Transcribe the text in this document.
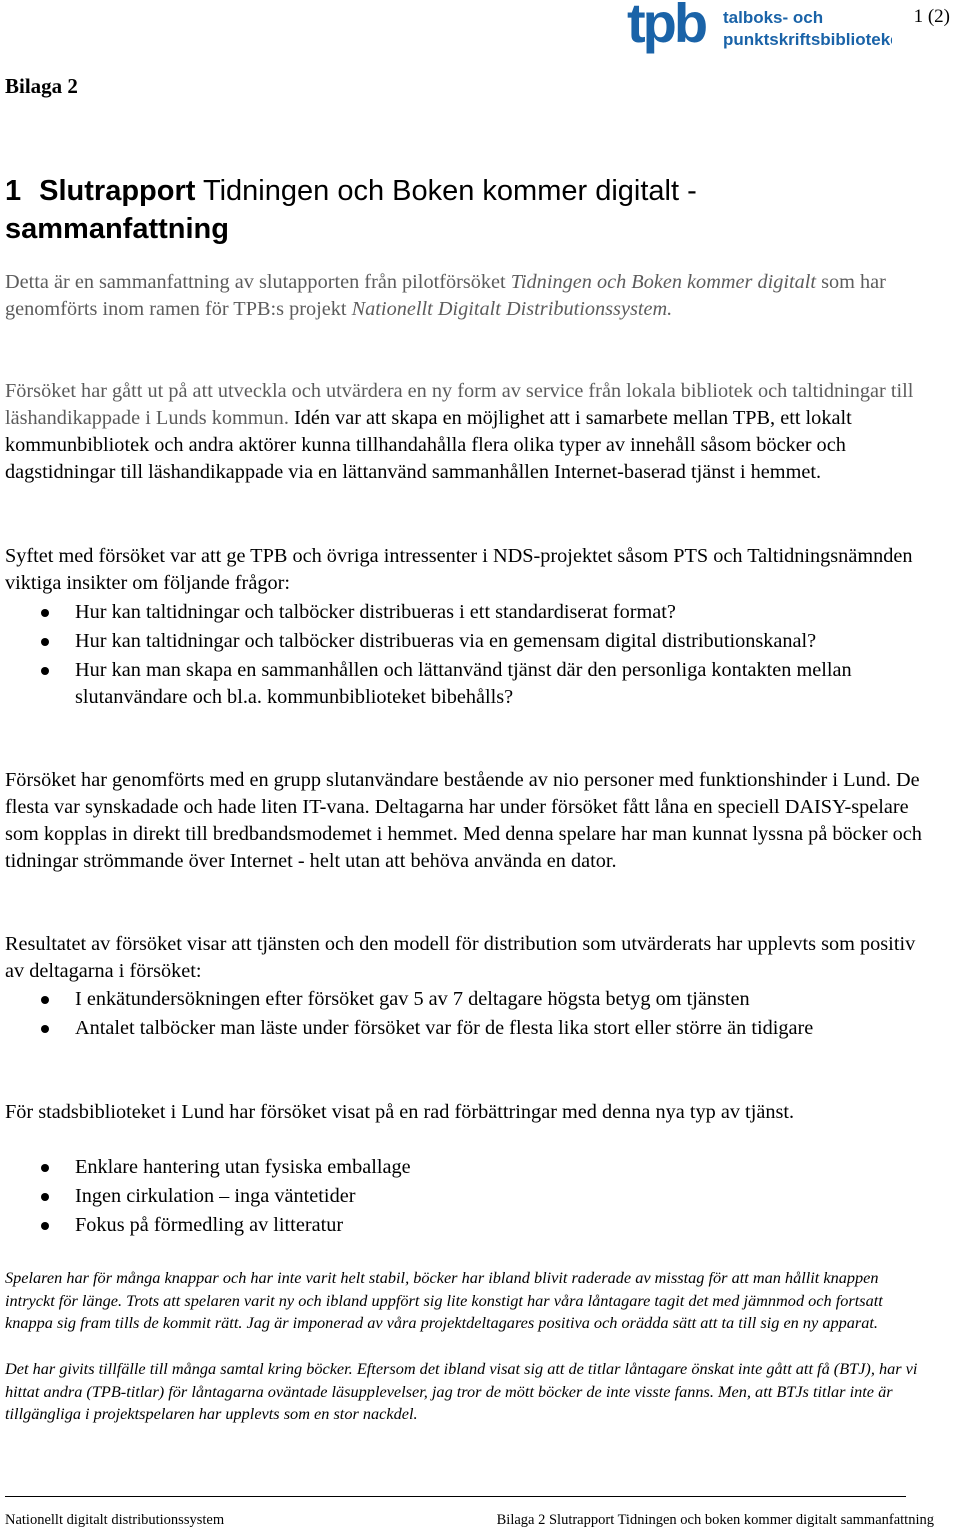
tpb talboks- och
punktskriftsbiblioteket
1 (2)
Bilaga 2
1 Slutrapport Tidningen och Boken kommer digitalt -
sammanfattning
Detta är en sammanfattning av slutapporten från pilotförsöket Tidningen och Boken kommer digitalt som har genomförts inom ramen för TPB:s projekt Nationellt Digitalt Distributionssystem.
Försöket har gått ut på att utveckla och utvärdera en ny form av service från lokala bibliotek och taltidningar till läshandikappade i Lunds kommun. Idén var att skapa en möjlighet att i samarbete mellan TPB, ett lokalt kommunbibliotek och andra aktörer kunna tillhandahålla flera olika typer av innehåll såsom böcker och dagstidningar till läshandikappade via en lättanvänd sammanhållen Internet-baserad tjänst i hemmet.
Syftet med försöket var att ge TPB och övriga intressenter i NDS-projektet såsom PTS och Taltidningsnämnden viktiga insikter om följande frågor:
Hur kan taltidningar och talböcker distribueras i ett standardiserat format?
Hur kan taltidningar och talböcker distribueras via en gemensam digital distributionskanal?
Hur kan man skapa en sammanhållen och lättanvänd tjänst där den personliga kontakten mellan slutanvändare och bl.a. kommunbiblioteket bibehålls?
Försöket har genomförts med en grupp slutanvändare bestående av nio personer med funktionshinder i Lund. De flesta var synskadade och hade liten IT-vana. Deltagarna har under försöket fått låna en speciell DAISY-spelare som kopplas in direkt till bredbandsmodemet i hemmet. Med denna spelare har man kunnat lyssna på böcker och tidningar strömmande över Internet - helt utan att behöva använda en dator.
Resultatet av försöket visar att tjänsten och den modell för distribution som utvärderats har upplevts som positiv av deltagarna i försöket:
I enkätundersökningen efter försöket gav 5 av 7 deltagare högsta betyg om tjänsten
Antalet talböcker man läste under försöket var för de flesta lika stort eller större än tidigare
För stadsbiblioteket i Lund har försöket visat på en rad förbättringar med denna nya typ av tjänst.
Enklare hantering utan fysiska emballage
Ingen cirkulation – inga väntetider
Fokus på förmedling av litteratur
Spelaren har för många knappar och har inte varit helt stabil, böcker har ibland blivit raderade av misstag för att man hållit knappen intryckt för länge. Trots att spelaren varit ny och ibland uppfört sig lite konstigt har våra låntagare tagit det med jämnmod och fortsatt knappa sig fram tills de kommit rätt. Jag är imponerad av våra projektdeltagares positiva och orädda sätt att ta till sig en ny apparat.
Det har givits tillfälle till många samtal kring böcker. Eftersom det ibland visat sig att de titlar låntagare önskat inte gått att få (BTJ), har vi hittat andra (TPB-titlar) för låntagarna oväntade läsupplevelser, jag tror de mött böcker de inte visste fanns. Men, att BTJs titlar inte är tillgängliga i projektspelaren har upplevts som en stor nackdel.
Nationellt digitalt distributionssystem	Bilaga 2 Slutrapport Tidningen och boken kommer digitalt sammanfattning
